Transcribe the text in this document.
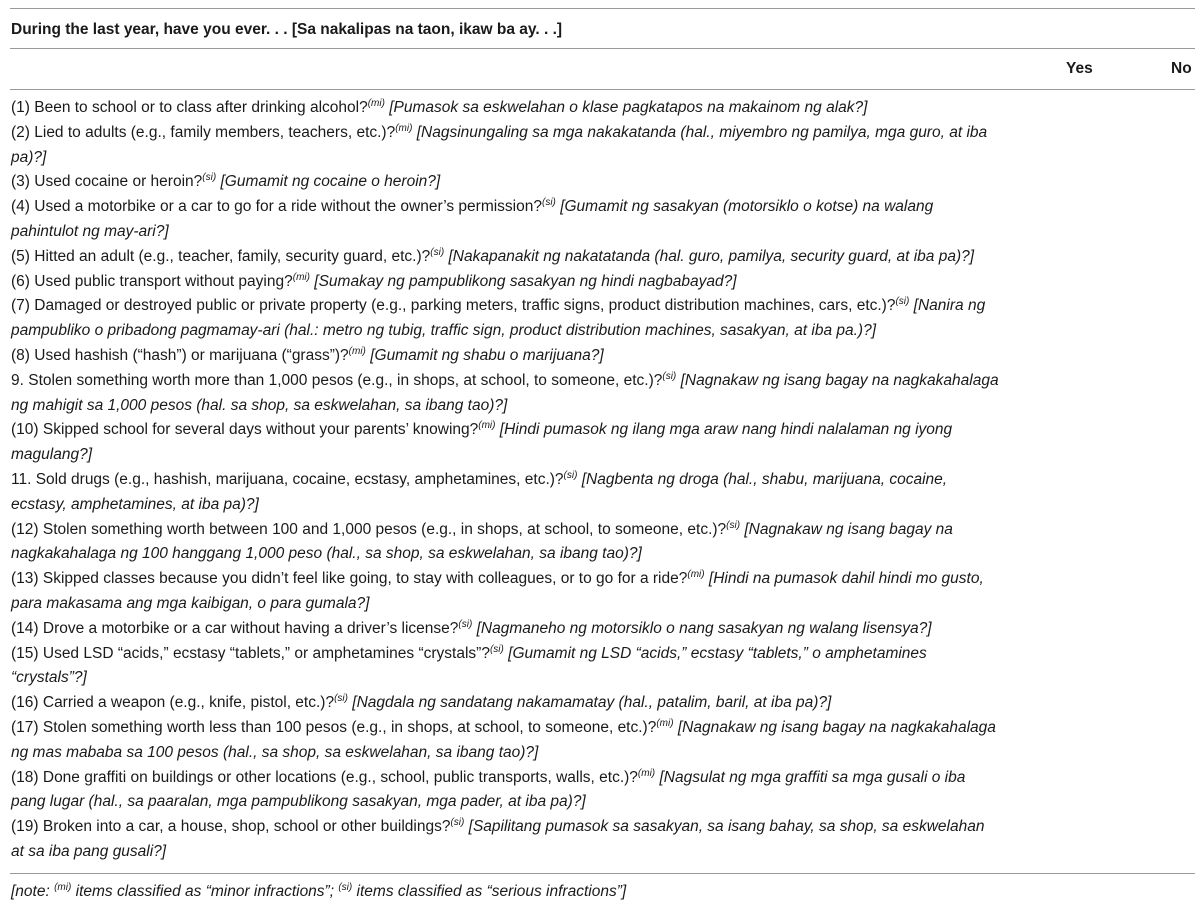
During the last year, have you ever. . . [Sa nakalipas na taon, ikaw ba ay. . .]
Yes	No

(1) Been to school or to class after drinking alcohol?$^{(mi)}$ [Pumasok sa eskwelahan o klase pagkatapos na makainom ng alak?]

(2) Lied to adults (e.g., family members, teachers, etc.)?$^{(mi)}$ [Nagsinungaling sa mga nakakatanda (hal., miyembro ng pamilya, mga guro, at iba pa)?]

(3) Used cocaine or heroin?$^{(si)}$ [Gumamit ng cocaine o heroin?]

(4) Used a motorbike or a car to go for a ride without the owner’s permission?$^{(si)}$ [Gumamit ng sasakyan (motorsiklo o kotse) na walang pahintulot ng may-ari?]

(5) Hitted an adult (e.g., teacher, family, security guard, etc.)?$^{(si)}$ [Nakapanakit ng nakatatanda (hal. guro, pamilya, security guard, at iba pa)?]

(6) Used public transport without paying?$^{(mi)}$ [Sumakay ng pampublikong sasakyan ng hindi nagbabayad?]

(7) Damaged or destroyed public or private property (e.g., parking meters, traffic signs, product distribution machines, cars, etc.)?$^{(si)}$ [Nanira ng pampubliko o pribadong pagmamay-ari (hal.: metro ng tubig, traffic sign, product distribution machines, sasakyan, at iba pa.)?]

(8) Used hashish (“hash”) or marijuana (“grass”)?$^{(mi)}$ [Gumamit ng shabu o marijuana?]

9. Stolen something worth more than 1,000 pesos (e.g., in shops, at school, to someone, etc.)?$^{(si)}$ [Nagnakaw ng isang bagay na nagkakahalaga ng mahigit sa 1,000 pesos (hal. sa shop, sa eskwelahan, sa ibang tao)?]

(10) Skipped school for several days without your parents’ knowing?$^{(mi)}$ [Hindi pumasok ng ilang mga araw nang hindi nalalaman ng iyong magulang?]

11. Sold drugs (e.g., hashish, marijuana, cocaine, ecstasy, amphetamines, etc.)?$^{(si)}$ [Nagbenta ng droga (hal., shabu, marijuana, cocaine, ecstasy, amphetamines, at iba pa)?]

(12) Stolen something worth between 100 and 1,000 pesos (e.g., in shops, at school, to someone, etc.)?$^{(si)}$ [Nagnakaw ng isang bagay na nagkakahalaga ng 100 hanggang 1,000 peso (hal., sa shop, sa eskwelahan, sa ibang tao)?]

(13) Skipped classes because you didn’t feel like going, to stay with colleagues, or to go for a ride?$^{(mi)}$ [Hindi na pumasok dahil hindi mo gusto, para makasama ang mga kaibigan, o para gumala?]

(14) Drove a motorbike or a car without having a driver’s license?$^{(si)}$ [Nagmaneho ng motorsiklo o nang sasakyan ng walang lisensya?]

(15) Used LSD “acids,” ecstasy “tablets,” or amphetamines “crystals”?$^{(si)}$ [Gumamit ng LSD “acids,” ecstasy “tablets,” o amphetamines “crystals”?]

(16) Carried a weapon (e.g., knife, pistol, etc.)?$^{(si)}$ [Nagdala ng sandatang nakamamatay (hal., patalim, baril, at iba pa)?]

(17) Stolen something worth less than 100 pesos (e.g., in shops, at school, to someone, etc.)?$^{(mi)}$ [Nagnakaw ng isang bagay na nagkakahalaga ng mas mababa sa 100 pesos (hal., sa shop, sa eskwelahan, sa ibang tao)?]

(18) Done graffiti on buildings or other locations (e.g., school, public transports, walls, etc.)?$^{(mi)}$ [Nagsulat ng mga graffiti sa mga gusali o iba pang lugar (hal., sa paaralan, mga pampublikong sasakyan, mga pader, at iba pa)?]

(19) Broken into a car, a house, shop, school or other buildings?$^{(si)}$ [Sapilitang pumasok sa sasakyan, sa isang bahay, sa shop, sa eskwelahan at sa iba pang gusali?]

[note: $^{(mi)}$ items classified as “minor infractions”; $^{(si)}$ items classified as “serious infractions”]
